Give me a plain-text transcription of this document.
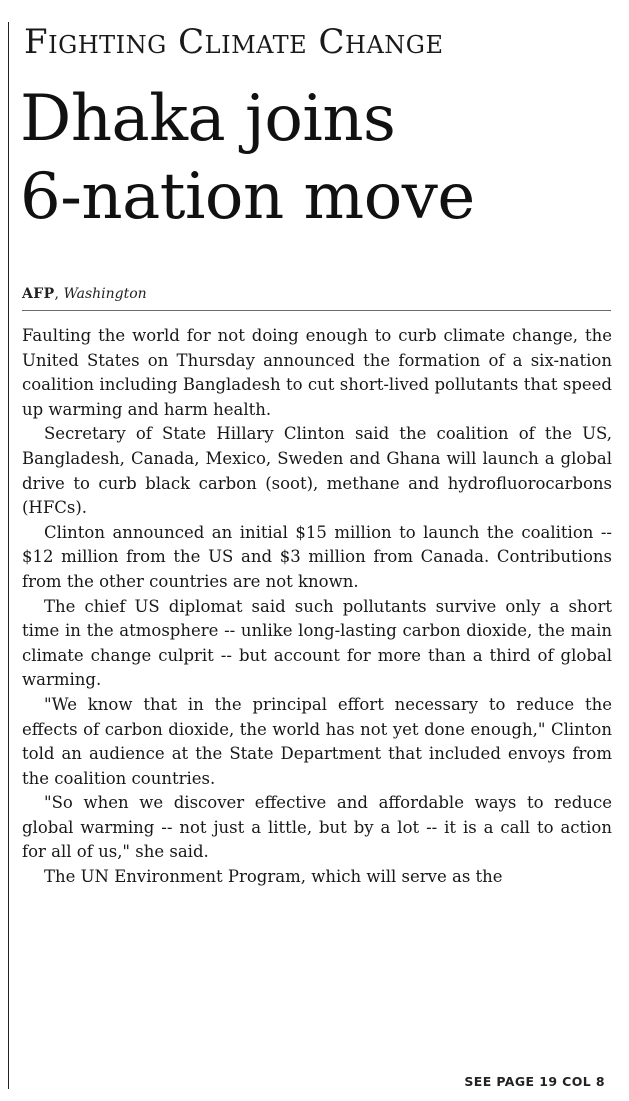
Fighting Climate Change
Dhaka joins
6-nation move
AFP, Washington

Faulting the world for not doing enough to curb climate change, the United States on Thursday announced the formation of a six-nation coalition including Bangladesh to cut short-lived pollutants that speed up warming and harm health.

Secretary of State Hillary Clinton said the coalition of the US, Bangladesh, Canada, Mexico, Sweden and Ghana will launch a global drive to curb black carbon (soot), methane and hydrofluorocarbons (HFCs).

Clinton announced an initial $15 million to launch the coalition -- $12 million from the US and $3 million from Canada. Contributions from the other countries are not known.

The chief US diplomat said such pollutants survive only a short time in the atmosphere -- unlike long-lasting carbon dioxide, the main climate change culprit -- but account for more than a third of global warming.

"We know that in the principal effort necessary to reduce the effects of carbon dioxide, the world has not yet done enough," Clinton told an audience at the State Department that included envoys from the coalition countries.

"So when we discover effective and affordable ways to reduce global warming -- not just a little, but by a lot -- it is a call to action for all of us," she said.

The UN Environment Program, which will serve as the

SEE PAGE 19 COL 8
